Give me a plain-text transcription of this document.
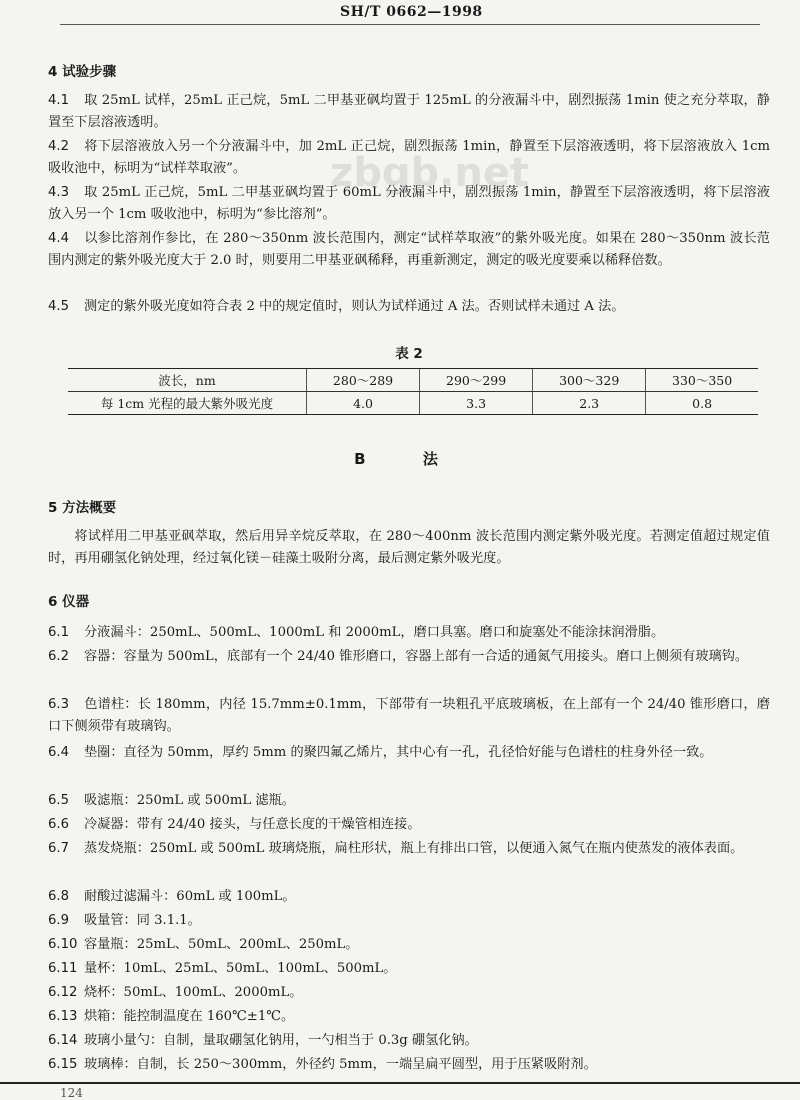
SH/T 0662—1998
zbgb.net
4 试验步骤

4.1 取 25mL 试样，25mL 正己烷，5mL 二甲基亚砜均置于 125mL 的分液漏斗中，剧烈振荡 1min 使之充分萃取，静置至下层溶液透明。

4.2 将下层溶液放入另一个分液漏斗中，加 2mL 正己烷，剧烈振荡 1min，静置至下层溶液透明，将下层溶液放入 1cm 吸收池中，标明为“试样萃取液”。

4.3 取 25mL 正己烷，5mL 二甲基亚砜均置于 60mL 分液漏斗中，剧烈振荡 1min，静置至下层溶液透明，将下层溶液放入另一个 1cm 吸收池中，标明为“参比溶剂”。

4.4 以参比溶剂作参比，在 280～350nm 波长范围内，测定“试样萃取液”的紫外吸光度。如果在 280～350nm 波长范围内测定的紫外吸光度大于 2.0 时，则要用二甲基亚砜稀释，再重新测定，测定的吸光度要乘以稀释倍数。

4.5 测定的紫外吸光度如符合表 2 中的规定值时，则认为试样通过 A 法。否则试样未通过 A 法。

表 2
波长，nm	280～289	290～299	300～329	330～350
每 1cm 光程的最大紫外吸光度	4.0	3.3	2.3	0.8
B 法
5 方法概要

将试样用二甲基亚砜萃取，然后用异辛烷反萃取，在 280～400nm 波长范围内测定紫外吸光度。若测定值超过规定值时，再用硼氢化钠处理，经过氧化镁－硅藻土吸附分离，最后测定紫外吸光度。

6 仪器

6.1 分液漏斗：250mL、500mL、1000mL 和 2000mL，磨口具塞。磨口和旋塞处不能涂抹润滑脂。

6.2 容器：容量为 500mL，底部有一个 24/40 锥形磨口，容器上部有一合适的通氮气用接头。磨口上侧须有玻璃钩。

6.3 色谱柱：长 180mm，内径 15.7mm±0.1mm，下部带有一块粗孔平底玻璃板，在上部有一个 24/40 锥形磨口，磨口下侧须带有玻璃钩。

6.4 垫圈：直径为 50mm，厚约 5mm 的聚四氟乙烯片，其中心有一孔，孔径恰好能与色谱柱的柱身外径一致。

6.5 吸滤瓶：250mL 或 500mL 滤瓶。

6.6 冷凝器：带有 24/40 接头，与任意长度的干燥管相连接。

6.7 蒸发烧瓶：250mL 或 500mL 玻璃烧瓶，扁柱形状，瓶上有排出口管，以便通入氮气在瓶内使蒸发的液体表面。

6.8 耐酸过滤漏斗：60mL 或 100mL。

6.9 吸量管：同 3.1.1。

6.10 容量瓶：25mL、50mL、200mL、250mL。

6.11 量杯：10mL、25mL、50mL、100mL、500mL。

6.12 烧杯：50mL、100mL、2000mL。

6.13 烘箱：能控制温度在 160℃±1℃。

6.14 玻璃小量勺：自制，量取硼氢化钠用，一勺相当于 0.3g 硼氢化钠。

6.15 玻璃棒：自制，长 250～300mm，外径约 5mm，一端呈扁平圆型，用于压紧吸附剂。

124
